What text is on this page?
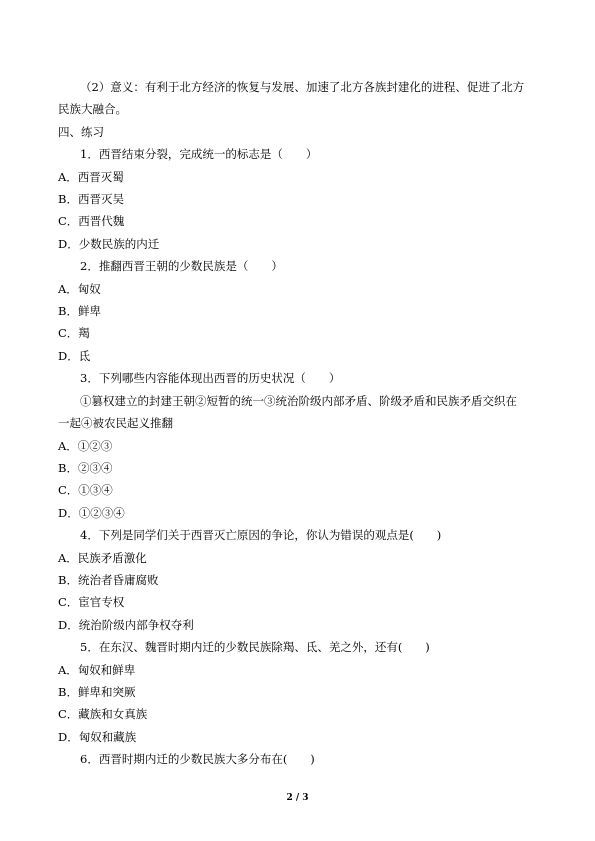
（2）意义：有利于北方经济的恢复与发展、加速了北方各族封建化的进程、促进了北方
民族大融合。
四、练习
1．西晋结束分裂，完成统一的标志是（　　）
A．西晋灭蜀
B．西晋灭吴
C．西晋代魏
D．少数民族的内迁
2．推翻西晋王朝的少数民族是（　　）
A．匈奴
B．鲜卑
C．羯
D．氐
3．下列哪些内容能体现出西晋的历史状况（　　）
①篡权建立的封建王朝②短暂的统一③统治阶级内部矛盾、阶级矛盾和民族矛盾交织在
一起④被农民起义推翻
A．①②③
B．②③④
C．①③④
D．①②③④
4．下列是同学们关于西晋灭亡原因的争论，你认为错误的观点是(　　)
A．民族矛盾激化
B．统治者昏庸腐败
C．宦官专权
D．统治阶级内部争权夺利
5．在东汉、魏晋时期内迁的少数民族除羯、氐、羌之外，还有(　　)
A．匈奴和鲜卑
B．鲜卑和突厥
C．藏族和女真族
D．匈奴和藏族
6．西晋时期内迁的少数民族大多分布在(　　)
2 / 3
